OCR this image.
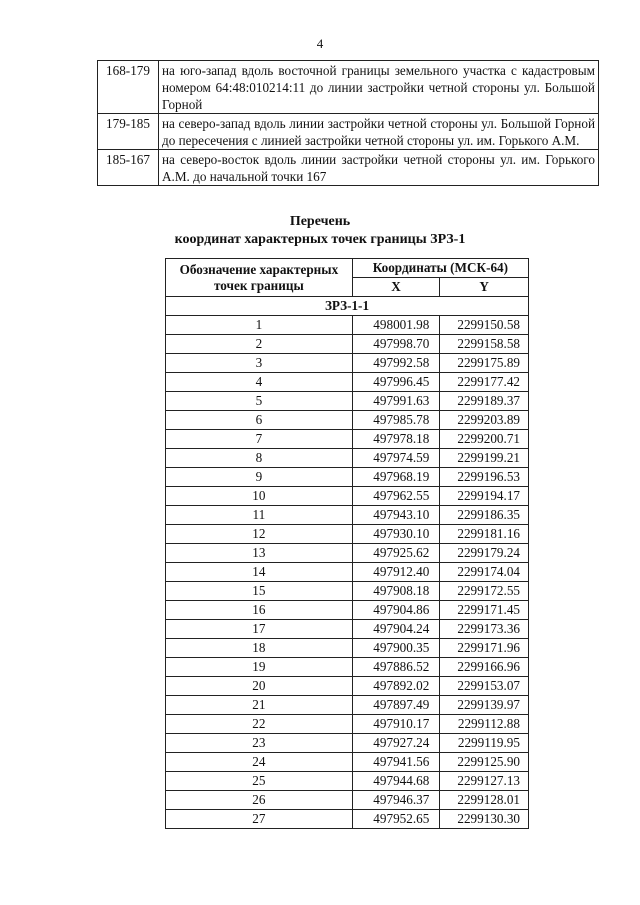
4
168-179	на юго-запад вдоль восточной границы земельного участка с кадастровым номером 64:48:010214:11 до линии застройки четной стороны ул. Большой Горной
179-185	на северо-запад вдоль линии застройки четной стороны ул. Большой Горной до пересечения с линией застройки четной стороны ул. им. Горького А.М.
185-167	на северо-восток вдоль линии застройки четной стороны ул. им. Горького А.М. до начальной точки 167
Перечень
координат характерных точек границы ЗРЗ-1
Обозначение характерных точек границы	Координаты (МСК-64)	
	X	Y
ЗРЗ-1-1		
1	498001.98	2299150.58
2	497998.70	2299158.58
3	497992.58	2299175.89
4	497996.45	2299177.42
5	497991.63	2299189.37
6	497985.78	2299203.89
7	497978.18	2299200.71
8	497974.59	2299199.21
9	497968.19	2299196.53
10	497962.55	2299194.17
11	497943.10	2299186.35
12	497930.10	2299181.16
13	497925.62	2299179.24
14	497912.40	2299174.04
15	497908.18	2299172.55
16	497904.86	2299171.45
17	497904.24	2299173.36
18	497900.35	2299171.96
19	497886.52	2299166.96
20	497892.02	2299153.07
21	497897.49	2299139.97
22	497910.17	2299112.88
23	497927.24	2299119.95
24	497941.56	2299125.90
25	497944.68	2299127.13
26	497946.37	2299128.01
27	497952.65	2299130.30
